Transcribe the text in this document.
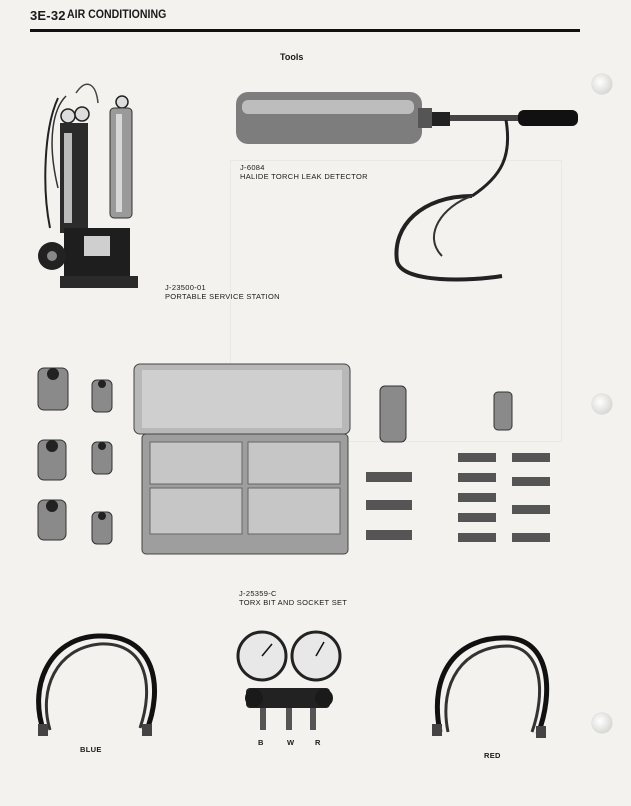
3E-32 AIR CONDITIONING
Tools
J-23500-01
PORTABLE SERVICE STATION
J-6084
HALIDE TORCH LEAK DETECTOR
J-25359-C
TORX BIT AND SOCKET SET
BLUE
B	W	R
RED
